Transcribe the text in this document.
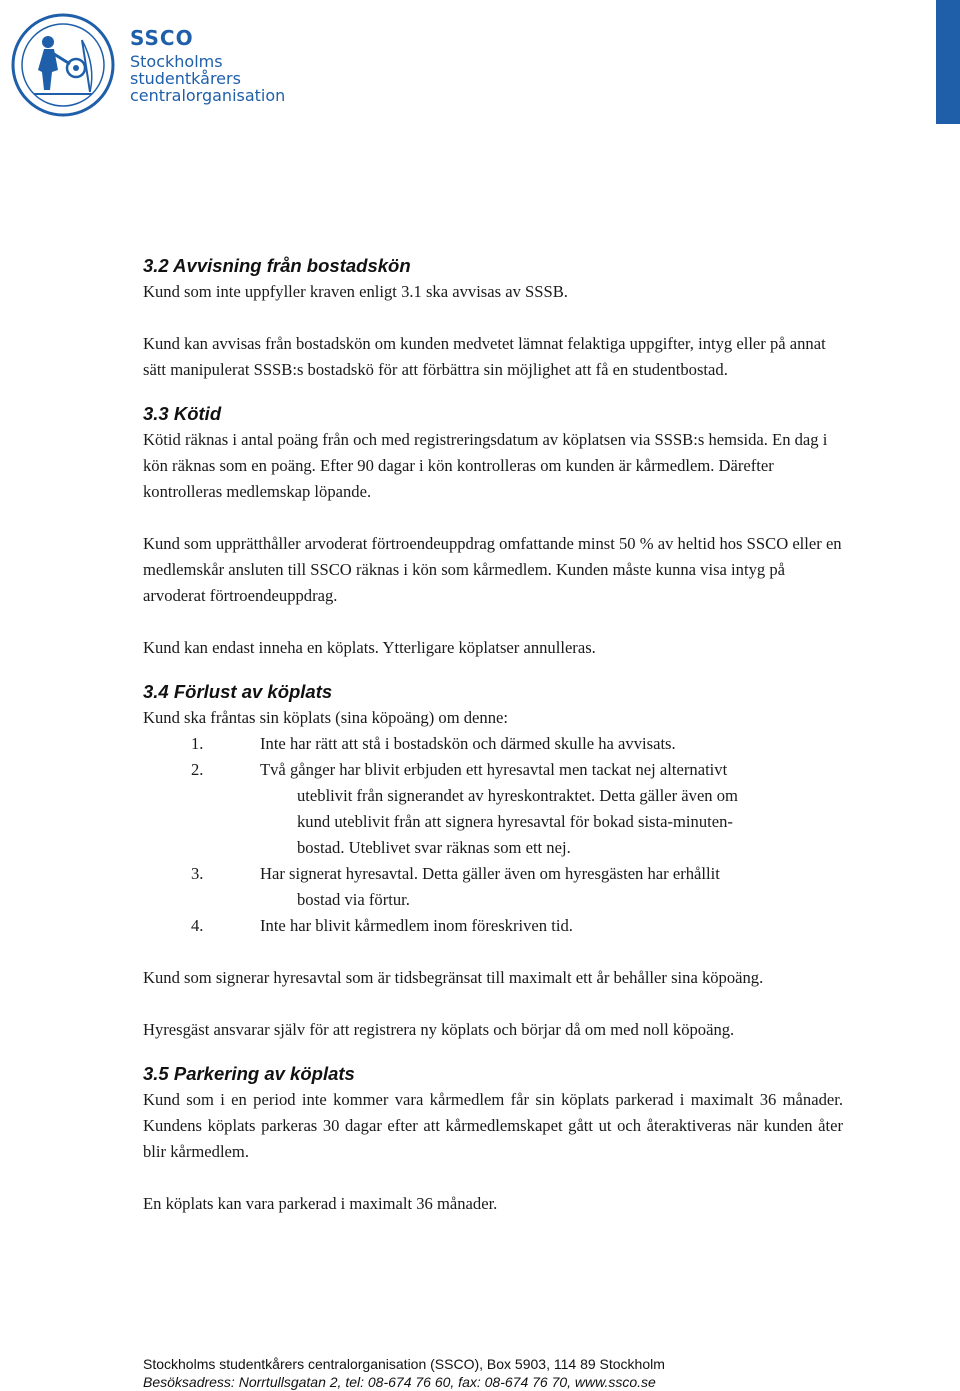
SSCO
Stockholms
studentkårers
centralorganisation
3.2 Avvisning från bostadskön

Kund som inte uppfyller kraven enligt 3.1 ska avvisas av SSSB.

Kund kan avvisas från bostadskön om kunden medvetet lämnat felaktiga uppgifter, intyg eller på annat sätt manipulerat SSSB:s bostadskö för att förbättra sin möjlighet att få en studentbostad.

3.3 Kötid

Kötid räknas i antal poäng från och med registreringsdatum av köplatsen via SSSB:s hemsida. En dag i kön räknas som en poäng. Efter 90 dagar i kön kontrolleras om kunden är kårmedlem. Därefter kontrolleras medlemskap löpande.

Kund som upprätthåller arvoderat förtroendeuppdrag omfattande minst 50 % av heltid hos SSCO eller en medlemskår ansluten till SSCO räknas i kön som kårmedlem. Kunden måste kunna visa intyg på arvoderat förtroendeuppdrag.

Kund kan endast inneha en köplats. Ytterligare köplatser annulleras.

3.4 Förlust av köplats

Kund ska fråntas sin köplats (sina köpoäng) om denne:

1.	Inte har rätt att stå i bostadskön och därmed skulle ha avvisats.
2.	Två gånger har blivit erbjuden ett hyresavtal men tackat nej alternativt
uteblivit från signerandet av hyreskontraktet. Detta gäller även om
kund uteblivit från att signera hyresavtal för bokad sista-minuten-
bostad. Uteblivet svar räknas som ett nej.
3.	Har signerat hyresavtal. Detta gäller även om hyresgästen har erhållit
bostad via förtur.
4.	Inte har blivit kårmedlem inom föreskriven tid.

Kund som signerar hyresavtal som är tidsbegränsat till maximalt ett år behåller sina köpoäng.

Hyresgäst ansvarar själv för att registrera ny köplats och börjar då om med noll köpoäng.

3.5 Parkering av köplats

Kund som i en period inte kommer vara kårmedlem får sin köplats parkerad i maximalt 36 månader. Kundens köplats parkeras 30 dagar efter att kårmedlemskapet gått ut och återaktiveras när kunden åter blir kårmedlem.

En köplats kan vara parkerad i maximalt 36 månader.

Stockholms studentkårers centralorganisation (SSCO), Box 5903, 114 89 Stockholm
Besöksadress: Norrtullsgatan 2, tel: 08-674 76 60, fax: 08-674 76 70, www.ssco.se
